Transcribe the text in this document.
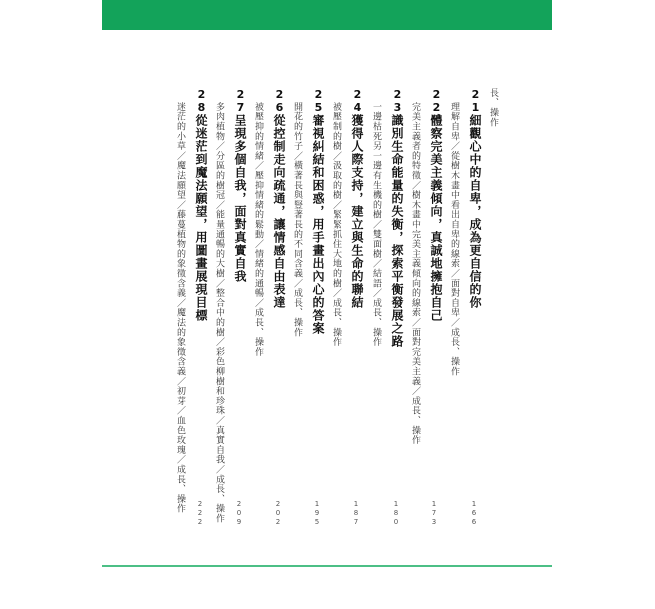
長、操作
21細觀心中的自卑，成為更自信的你
理解自卑／從樹木畫中看出自卑的線索／面對自卑／成長、操作
166
22體察完美主義傾向，真誠地擁抱自己
完美主義者的特徵／樹木畫中完美主義傾向的線索／面對完美主義／成長、操作
173
23識別生命能量的失衡，探索平衡發展之路
一邊枯死另一邊有生機的樹／雙面樹／結語／成長、操作
180
24獲得人際支持，建立與生命的聯結
被壓制的樹／汲取的樹／緊緊抓住大地的樹／成長、操作
187
25審視糾結和困惑，用手畫出內心的答案
開花的竹子／橫著長與豎著長的不同含義／成長、操作
195
26從控制走向疏通，讓情感自由表達
被壓抑的情緒／壓抑情緒的鬆動／情緒的通暢／成長、操作
202
27呈現多個自我，面對真實自我
多肉植物／分區的樹冠／能量通暢的大樹／整合中的樹／彩色柳樹和珍珠／真實自我／成長、操作 209
28從迷茫到魔法願望，用圖畫展現目標
迷茫的小草／魔法願望／藤蔓植物的象徵含義／魔法的象徵含義／初芽／血色玫瑰／成長、操作 222
